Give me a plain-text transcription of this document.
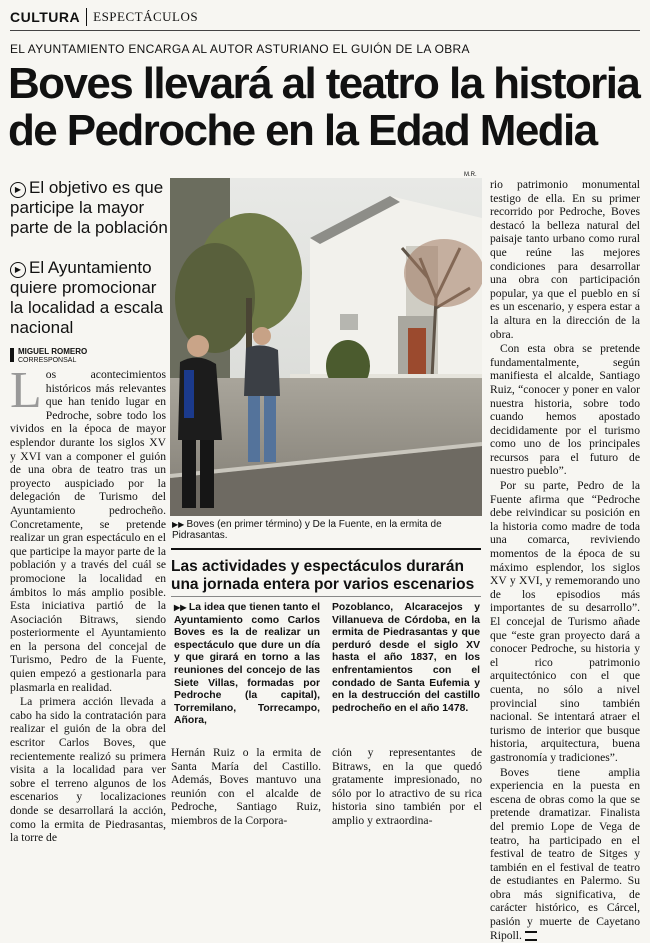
CULTURA ESPECTÁCULOS
EL AYUNTAMIENTO ENCARGA AL AUTOR ASTURIANO EL GUIÓN DE LA OBRA
Boves llevará al teatro la historia de Pedroche en la Edad Media
▶ El objetivo es que participe la mayor parte de la población
▶ El Ayuntamiento quiere promocionar la localidad a escala nacional
MIGUEL ROMERO
CORRESPONSAL

Los acontecimientos históricos más relevantes que han tenido lugar en Pedroche, sobre todo los vividos en la época de mayor esplendor durante los siglos XV y XVI van a componer el guión de una obra de teatro tras un proyecto auspiciado por la delegación de Turismo del Ayuntamiento pedrocheño. Concretamente, se pretende realizar un gran espectáculo en el que participe la mayor parte de la población y a través del cuál se promocione la localidad en ámbitos lo más amplio posible. Esta iniciativa partió de la Asociación Bitraws, siendo posteriormente el Ayuntamiento en la persona del concejal de Turismo, Pedro de la Fuente, quien empezó a gestionarla para plasmarla en realidad.

La primera acción llevada a cabo ha sido la contratación para realizar el guión de la obra del escritor Carlos Boves, que recientemente realizó su primera visita a la localidad para ver sobre el terreno algunos de los escenarios y localizaciones donde se desarrollará la acción, como la ermita de Piedrasantas, la torre de

M.R.
▶▶ Boves (en primer término) y De la Fuente, en la ermita de Pidrasantas.
Las actividades y espectáculos durarán una jornada entera por varios escenarios
▶▶ La idea que tienen tanto el Ayuntamiento como Carlos Boves es la de realizar un espectáculo que dure un día y que girará en torno a las reuniones del concejo de las Siete Villas, formadas por Pedroche (la capital), Torremilano, Torrecampo, Añora,
Pozoblanco, Alcaracejos y Villanueva de Córdoba, en la ermita de Piedrasantas y que perduró desde el siglo XV hasta el año 1837, en los enfrentamientos con el condado de Santa Eufemia y en la destrucción del castillo pedrocheño en el año 1478.
Hernán Ruiz o la ermita de Santa María del Castillo. Además, Boves mantuvo una reunión con el alcalde de Pedroche, Santiago Ruiz, miembros de la Corpora-
ción y representantes de Bitraws, en la que quedó gratamente impresionado, no sólo por lo atractivo de su rica historia sino también por el amplio y extraordina-

rio patrimonio monumental testigo de ella. En su primer recorrido por Pedroche, Boves destacó la belleza natural del paisaje tanto urbano como rural que reúne las mejores condiciones para desarrollar una obra con participación popular, ya que el pueblo en sí es un escenario, y espera estar a la altura en la dirección de la obra.

Con esta obra se pretende fundamentalmente, según manifiesta el alcalde, Santiago Ruiz, “conocer y poner en valor nuestra historia, sobre todo cuando hemos apostado decididamente por el turismo como uno de los principales recursos para el futuro de nuestro pueblo”.

Por su parte, Pedro de la Fuente afirma que “Pedroche debe reivindicar su posición en la historia como madre de toda una comarca, reviviendo momentos de la época de su máximo esplendor, los siglos XV y XVI, y rememorando uno de los episodios más importantes de su desarrollo”. El concejal de Turismo añade que “este gran proyecto dará a conocer Pedroche, su historia y el rico patrimonio arquitectónico con el que cuenta, no sólo a nivel provincial sino también nacional. Se intentará atraer el turismo de interior que busque historia, arquitectura, buena gastronomía y tradiciones”.

Boves tiene amplia experiencia en la puesta en escena de obras como la que se pretende dramatizar. Finalista del premio Lope de Vega de teatro, ha participado en el festival de teatro de Sitges y también en el festival de teatro de estudiantes en Palermo. Su obra más significativa, de carácter histórico, es Cárcel, pasión y muerte de Cayetano Ripoll.
